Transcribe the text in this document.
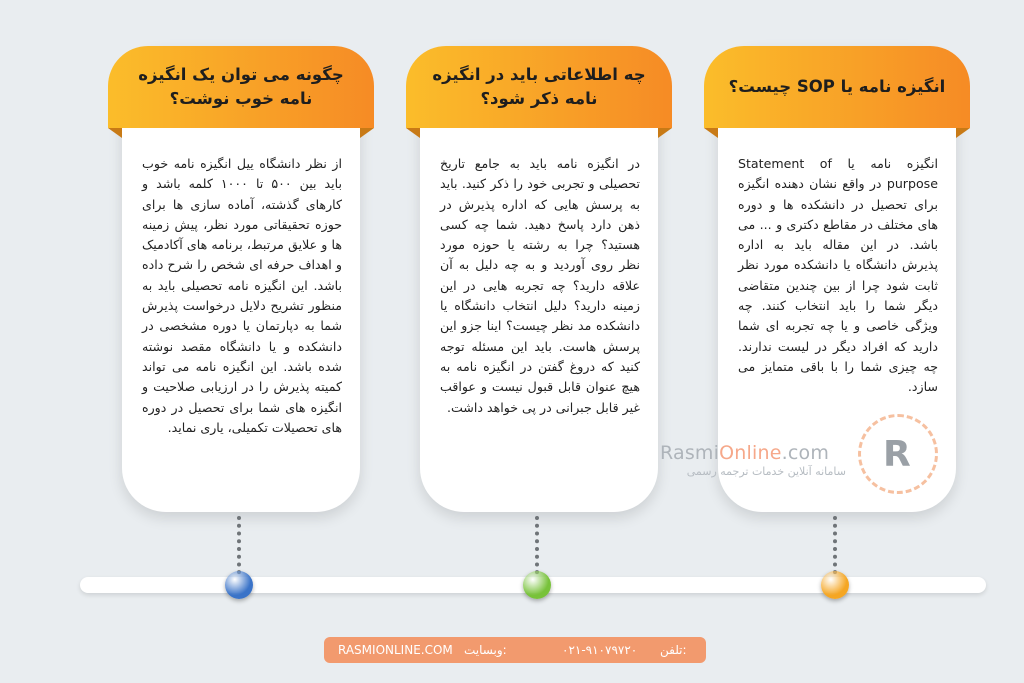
چگونه می توان یک انگیزه نامه خوب نوشت؟

از نظر دانشگاه ییل انگیزه نامه خوب باید بین ۵۰۰ تا ۱۰۰۰ کلمه باشد و کارهای گذشته، آماده سازی ها برای حوزه تحقیقاتی مورد نظر، پیش زمینه ها و علایق مرتبط، برنامه های آکادمیک و اهداف حرفه ای شخص را شرح داده باشد. این انگیزه نامه تحصیلی باید به منظور تشریح دلایل درخواست پذیرش شما به دپارتمان یا دوره مشخصی در دانشکده و یا دانشگاه مقصد نوشته شده باشد. این انگیزه نامه می تواند کمیته پذیرش را در ارزیابی صلاحیت و انگیزه های شما برای تحصیل در دوره های تحصیلات تکمیلی، یاری نماید.

چه اطلاعاتی باید در انگیزه نامه ذکر شود؟

در انگیزه نامه باید به جامع تاریخ تحصیلی و تجربی خود را ذکر کنید. باید به پرسش هایی که اداره پذیرش در ذهن دارد پاسخ دهید. شما چه کسی هستید؟ چرا به رشته یا حوزه مورد نظر روی آوردید و به چه دلیل به آن علاقه دارید؟ چه تجربه هایی در این زمینه دارید؟ دلیل انتخاب دانشگاه یا دانشکده مد نظر چیست؟ اینا جزو این پرسش هاست. باید این مسئله توجه کنید که دروغ گفتن در انگیزه نامه به هیچ عنوان قابل قبول نیست و عواقب غیر قابل جبرانی در پی خواهد داشت.

انگیزه نامه یا SOP چیست؟

انگیزه نامه یا Statement of purpose در واقع نشان دهنده انگیزه برای تحصیل در دانشکده ها و دوره های مختلف در مقاطع دکتری و ... می باشد. در این مقاله باید به اداره پذیرش دانشگاه یا دانشکده مورد نظر ثابت شود چرا از بین چندین متقاضی دیگر شما را باید انتخاب کنند. چه ویژگی خاصی و یا چه تجربه ای شما دارید که افراد دیگر در لیست ندارند. چه چیزی شما را با باقی متمایز می سازد.

RasmiOnline.com
سامانه آنلاین خدمات ترجمه رسمی	R
RASMIONLINE.COM وبسایت:	۰۲۱-۹۱۰۷۹۷۲۰ تلفن:
